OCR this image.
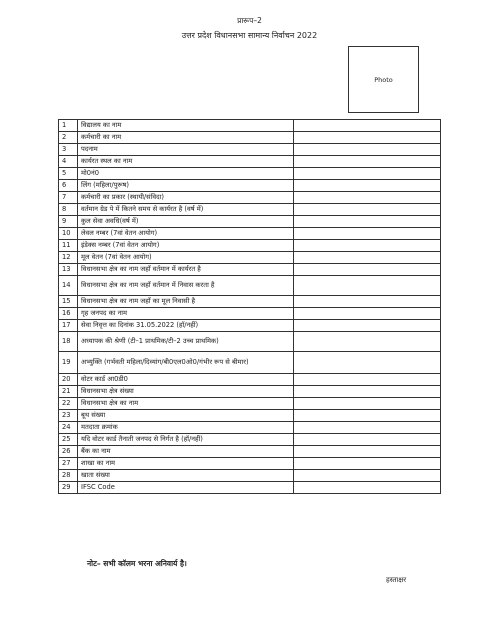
प्रारूप–2
उत्तर प्रदेश विधानसभा सामान्य निर्वाचन 2022
Photo
1	विद्यालय का नाम	
2	कर्मचारी का नाम	
3	पदनाम	
4	कार्यरत स्थल का नाम	
5	मो0नं0	
6	लिंग (महिला/पुरूष)	
7	कर्मचारी का प्रकार (स्थायी/संविदा)	
8	वर्तमान ग्रेड पे में कितने समय से कार्यरत है (वर्ष में)	
9	कुल सेवा अवधि(वर्ष में)	
10	लेवल नम्बर (7वां वेतन आयोग)	
11	इंडेक्स नम्बर (7वां वेतन आयोग)	
12	मूल वेतन (7वां वेतन आयोग)	
13	विधानसभा क्षेत्र का नाम जहाँ वर्तमान में कार्यरत है	
14	विधानसभा क्षेत्र का नाम जहाँ वर्तमान में निवास करता है	
15	विधानसभा क्षेत्र का नाम जहाँ का मूल निवासी है	
16	गृह जनपद का नाम	
17	सेवा निवृत्त का दिनांक 31.05.2022 (हॉ/नहीं)	
18	अध्यापक की श्रेणी (टी–1 प्राथमिक/टी–2 उच्च प्राथमिक)	
19	अभ्युक्ति (गर्भवती महिला/दिव्यांग/बी0एल0ओ0/गंभीर रूप से बीमार)	
20	वोटर कार्ड आ0डी0	
21	विधानसभा क्षेत्र संख्या	
22	विधानसभा क्षेत्र का नाम	
23	बूथ संख्या	
24	मतदाता क्रमांक	
25	यदि वोटर कार्ड तैनाती जनपद से निर्गत है (हॉ/नहीं)	
26	बैंक का नाम	
27	शाखा का नाम	
28	खाता संख्या	
29	IFSC Code	
नोट– सभी कॉलम भरना अनिवार्य है।
हस्ताक्षर
